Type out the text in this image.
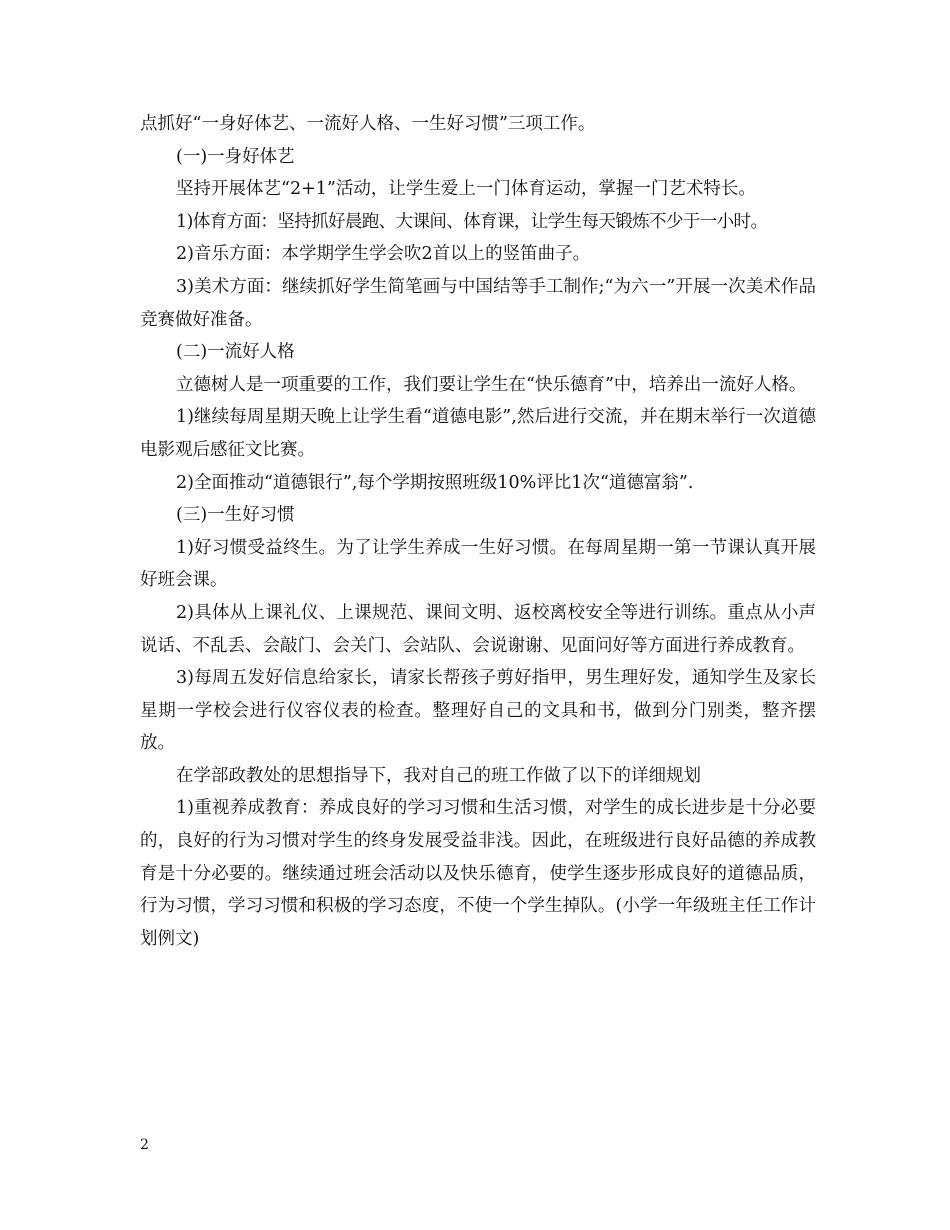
点抓好“一身好体艺、一流好人格、一生好习惯”三项工作。

(一)一身好体艺

坚持开展体艺“2+1”活动，让学生爱上一门体育运动，掌握一门艺术特长。

1)体育方面：坚持抓好晨跑、大课间、体育课，让学生每天锻炼不少于一小时。

2)音乐方面：本学期学生学会吹2首以上的竖笛曲子。

3)美术方面：继续抓好学生简笔画与中国结等手工制作;“为六一”开展一次美术作品竞赛做好准备。

(二)一流好人格

立德树人是一项重要的工作，我们要让学生在“快乐德育”中，培养出一流好人格。

1)继续每周星期天晚上让学生看“道德电影”,然后进行交流，并在期末举行一次道德电影观后感征文比赛。

2)全面推动“道德银行”,每个学期按照班级10%评比1次“道德富翁”.

(三)一生好习惯

1)好习惯受益终生。为了让学生养成一生好习惯。在每周星期一第一节课认真开展好班会课。

2)具体从上课礼仪、上课规范、课间文明、返校离校安全等进行训练。重点从小声说话、不乱丢、会敲门、会关门、会站队、会说谢谢、见面问好等方面进行养成教育。

3)每周五发好信息给家长，请家长帮孩子剪好指甲，男生理好发，通知学生及家长星期一学校会进行仪容仪表的检查。整理好自己的文具和书，做到分门别类，整齐摆放。

在学部政教处的思想指导下，我对自己的班工作做了以下的详细规划

1)重视养成教育：养成良好的学习习惯和生活习惯，对学生的成长进步是十分必要的，良好的行为习惯对学生的终身发展受益非浅。因此，在班级进行良好品德的养成教育是十分必要的。继续通过班会活动以及快乐德育，使学生逐步形成良好的道德品质，行为习惯，学习习惯和积极的学习态度，不使一个学生掉队。(小学一年级班主任工作计划例文)

2
